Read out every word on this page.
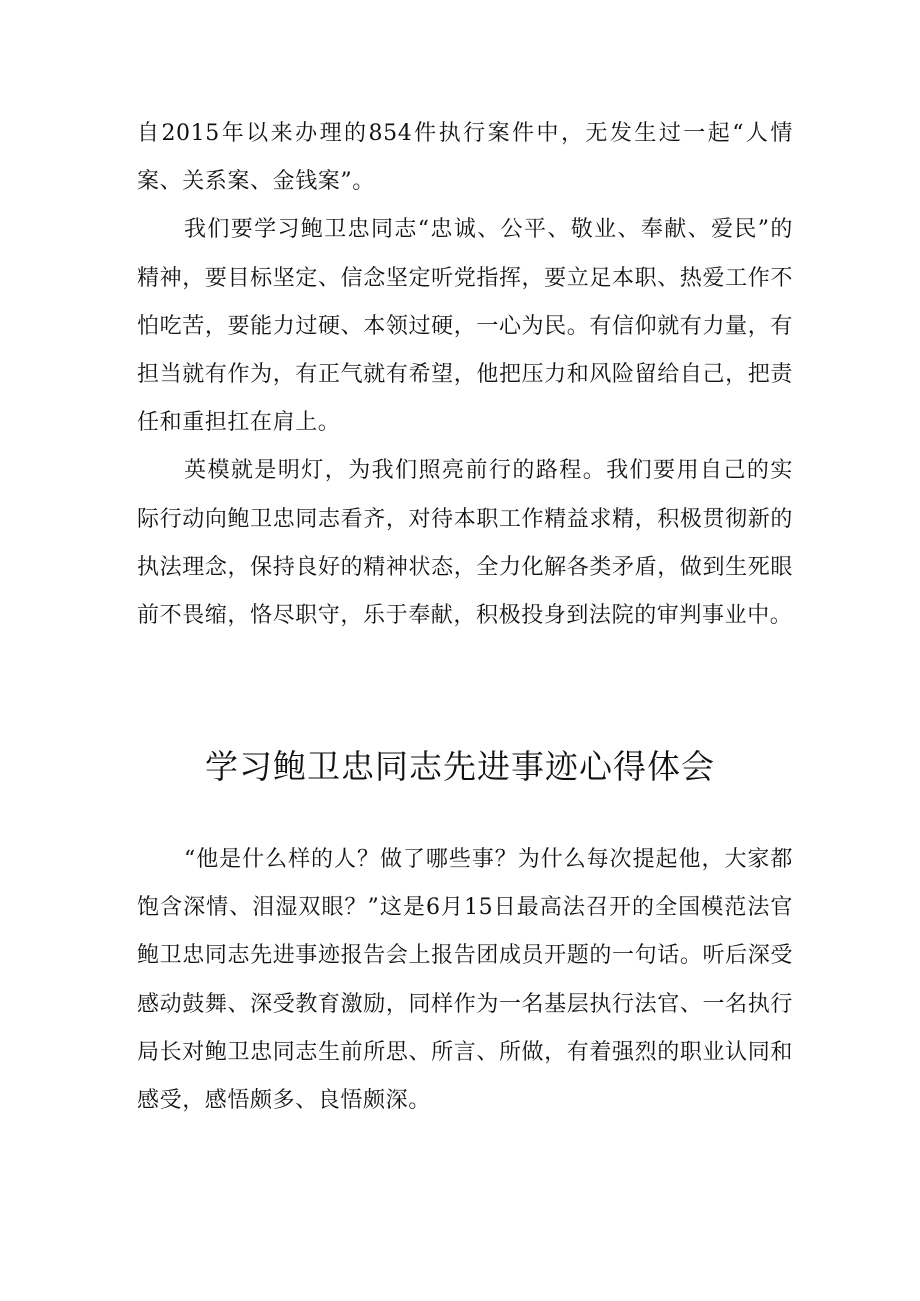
自2015年以来办理的854件执行案件中，无发生过一起“人情案、关系案、金钱案”。

我们要学习鲍卫忠同志“忠诚、公平、敬业、奉献、爱民”的精神，要目标坚定、信念坚定听党指挥，要立足本职、热爱工作不怕吃苦，要能力过硬、本领过硬，一心为民。有信仰就有力量，有担当就有作为，有正气就有希望，他把压力和风险留给自己，把责任和重担扛在肩上。

英模就是明灯，为我们照亮前行的路程。我们要用自己的实际行动向鲍卫忠同志看齐，对待本职工作精益求精，积极贯彻新的执法理念，保持良好的精神状态，全力化解各类矛盾，做到生死眼前不畏缩，恪尽职守，乐于奉献，积极投身到法院的审判事业中。

学习鲍卫忠同志先进事迹心得体会

“他是什么样的人？做了哪些事？为什么每次提起他，大家都饱含深情、泪湿双眼？”这是6月15日最高法召开的全国模范法官鲍卫忠同志先进事迹报告会上报告团成员开题的一句话。听后深受感动鼓舞、深受教育激励，同样作为一名基层执行法官、一名执行局长对鲍卫忠同志生前所思、所言、所做，有着强烈的职业认同和感受，感悟颇多、良悟颇深。
